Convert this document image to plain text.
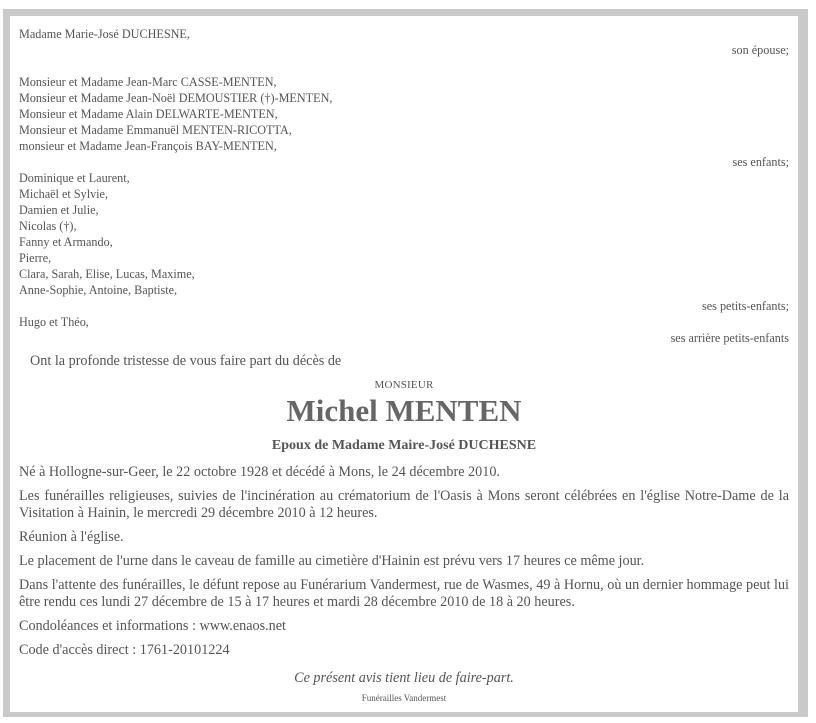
Madame Marie-José DUCHESNE,
son épouse;
Monsieur et Madame Jean-Marc CASSE-MENTEN,
Monsieur et Madame Jean-Noël DEMOUSTIER (†)-MENTEN,
Monsieur et Madame Alain DELWARTE-MENTEN,
Monsieur et Madame Emmanuël MENTEN-RICOTTA,
monsieur et Madame Jean-François BAY-MENTEN,
ses enfants;
Dominique et Laurent,
Michaël et Sylvie,
Damien et Julie,
Nicolas (†),
Fanny et Armando,
Pierre,
Clara, Sarah, Elise, Lucas, Maxime,
Anne-Sophie, Antoine, Baptiste,
ses petits-enfants;
Hugo et Théo,
ses arrière petits-enfants
Ont la profonde tristesse de vous faire part du décès de
MONSIEUR
Michel MENTEN
Epoux de Madame Maire-José DUCHESNE
Né à Hollogne-sur-Geer, le 22 octobre 1928 et décédé à Mons, le 24 décembre 2010.
Les funérailles religieuses, suivies de l'incinération au crématorium de l'Oasis à Mons seront célébrées en l'église Notre-Dame de la Visitation à Hainin, le mercredi 29 décembre 2010 à 12 heures.
Réunion à l'église.
Le placement de l'urne dans le caveau de famille au cimetière d'Hainin est prévu vers 17 heures ce même jour.
Dans l'attente des funérailles, le défunt repose au Funérarium Vandermest, rue de Wasmes, 49 à Hornu, où un dernier hommage peut lui être rendu ces lundi 27 décembre de 15 à 17 heures et mardi 28 décembre 2010 de 18 à 20 heures.
Condoléances et informations : www.enaos.net
Code d'accès direct : 1761-20101224
Ce présent avis tient lieu de faire-part.
Funérailles Vandermest
